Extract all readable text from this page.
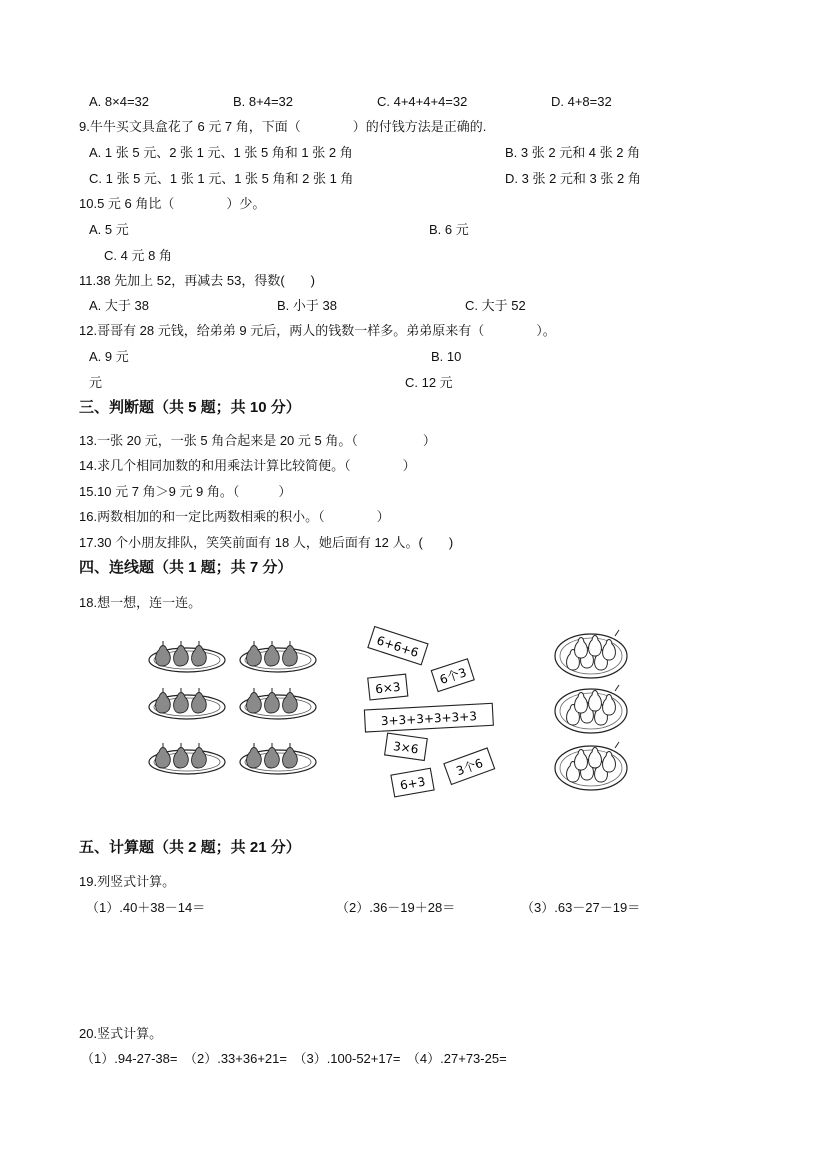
A. 8×4=32	B. 8+4=32	C. 4+4+4+4=32	D. 4+8=32
9.牛牛买文具盒花了 6 元 7 角，下面（　　　　）的付钱方法是正确的.
A. 1 张 5 元、2 张 1 元、1 张 5 角和 1 张 2 角	B. 3 张 2 元和 4 张 2 角
C. 1 张 5 元、1 张 1 元、1 张 5 角和 2 张 1 角	D. 3 张 2 元和 3 张 2 角
10.5 元 6 角比（　　　　）少。
A. 5 元	B. 6 元
C. 4 元 8 角
11.38 先加上 52，再减去 53，得数(　　)
A. 大于 38	B. 小于 38	C. 大于 52
12.哥哥有 28 元钱，给弟弟 9 元后，两人的钱数一样多。弟弟原来有（　　　　）。
A. 9 元	B. 10
元	C. 12 元
三、判断题（共 5 题；共 10 分）
13.一张 20 元，一张 5 角合起来是 20 元 5 角。（　　　　　）
14.求几个相同加数的和用乘法计算比较简便。（　　　　）
15.10 元 7 角＞9 元 9 角。（　　　）
16.两数相加的和一定比两数相乘的积小。（　　　　）
17.30 个小朋友排队，笑笑前面有 18 人，她后面有 12 人。(　　)
四、连线题（共 1 题；共 7 分）
18.想一想，连一连。
6+6+6
6个3
6×3
3+3+3+3+3+3
3×6
6+3
3个6
五、计算题（共 2 题；共 21 分）
19.列竖式计算。
（1）.40＋38－14＝	（2）.36－19＋28＝	（3）.63－27－19＝
20.竖式计算。
（1）.94-27-38=　（2）.33+36+21=　（3）.100-52+17=　（4）.27+73-25=
